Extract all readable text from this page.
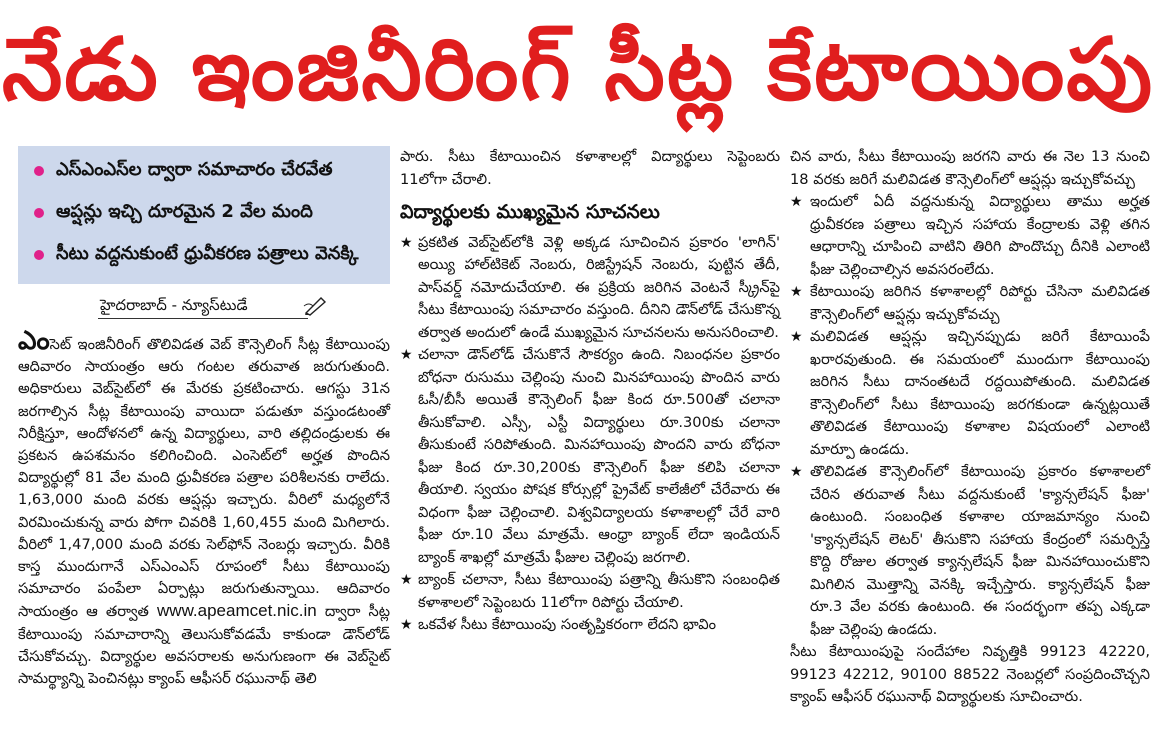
నేడు ఇంజినీరింగ్ సీట్ల కేటాయింపు
ఎస్ఎంఎస్‌ల ద్వారా సమాచారం చేరవేత
ఆప్షన్లు ఇచ్చి దూరమైన 2 వేల మంది
సీటు వద్దనుకుంటే ధ్రువీకరణ పత్రాలు వెనక్కి
హైదరాబాద్ - న్యూస్‌టుడే
ఎంసెట్ ఇంజినీరింగ్ తొలివిడత వెబ్ కౌన్సెలింగ్ సీట్ల కేటాయింపు ఆదివారం సాయంత్రం ఆరు గంటల తరువాత జరుగుతుంది. అధికారులు వెబ్‌సైట్‌లో ఈ మేరకు ప్రకటించారు. ఆగస్టు 31న జరగాల్సిన సీట్ల కేటాయింపు వాయిదా పడుతూ వస్తుండటంతో నిరీక్షిస్తూ, ఆందోళనలో ఉన్న విద్యార్థులు, వారి తల్లిదండ్రులకు ఈ ప్రకటన ఉపశమనం కలిగించింది. ఎంసెట్‌లో అర్హత పొందిన విద్యార్థుల్లో 81 వేల మంది ధ్రువీకరణ పత్రాల పరిశీలనకు రాలేదు. 1,63,000 మంది వరకు ఆప్షన్లు ఇచ్చారు. వీరిలో మధ్యలోనే విరమించుకున్న వారు పోగా చివరికి 1,60,455 మంది మిగిలారు. వీరిలో 1,47,000 మంది వరకు సెల్‌ఫోన్ నెంబర్లు ఇచ్చారు. వీరికి కాస్త ముందుగానే ఎస్ఎంఎస్ రూపంలో సీటు కేటాయింపు సమాచారం పంపేలా ఏర్పాట్లు జరుగుతున్నాయి. ఆదివారం సాయంత్రం ఆ తర్వాత www.apeamcet.nic.in ద్వారా సీట్ల కేటాయింపు సమాచారాన్ని తెలుసుకోవడమే కాకుండా డౌన్‌లోడ్ చేసుకోవచ్చు. విద్యార్థుల అవసరాలకు అనుగుణంగా ఈ వెబ్‌సైట్ సామర్థ్యాన్ని పెంచినట్లు క్యాంప్ ఆఫీసర్ రఘునాథ్ తెలి
పారు. సీటు కేటాయించిన కళాశాలల్లో విద్యార్థులు సెప్టెంబరు 11లోగా చేరాలి.
విద్యార్థులకు ముఖ్యమైన సూచనలు
★ ప్రకటిత వెబ్‌సైట్‌లోకి వెళ్లి అక్కడ సూచించిన ప్రకారం 'లాగిన్' అయ్యి హాల్‌టికెట్ నెంబరు, రిజిస్ట్రేషన్ నెంబరు, పుట్టిన తేదీ, పాస్‌వర్డ్ నమోదుచేయాలి. ఈ ప్రక్రియ జరిగిన వెంటనే స్క్రీన్‌పై సీటు కేటాయింపు సమాచారం వస్తుంది. దీనిని డౌన్‌లోడ్ చేసుకొన్న తర్వాత అందులో ఉండే ముఖ్యమైన సూచనలను అనుసరించాలి.
★ చలానా డౌన్‌లోడ్ చేసుకొనే సౌకర్యం ఉంది. నిబంధనల ప్రకారం బోధనా రుసుము చెల్లింపు నుంచి మినహాయింపు పొందిన వారు ఓసీ/బీసీ అయితే కౌన్సెలింగ్ ఫీజు కింద రూ.500తో చలానా తీసుకోవాలి. ఎస్సీ, ఎస్టీ విద్యార్థులు రూ.300కు చలానా తీసుకుంటే సరిపోతుంది. మినహాయింపు పొందని వారు బోధనా ఫీజు కింద రూ.30,200కు కౌన్సెలింగ్ ఫీజు కలిపి చలానా తీయాలి. స్వయం పోషక కోర్సుల్లో ప్రైవేట్ కాలేజీలో చేరేవారు ఈ విధంగా ఫీజు చెల్లించాలి. విశ్వవిద్యాలయ కళాశాలల్లో చేరే వారి ఫీజు రూ.10 వేలు మాత్రమే. ఆంధ్రా బ్యాంక్ లేదా ఇండియన్ బ్యాంక్ శాఖల్లో మాత్రమే ఫీజుల చెల్లింపు జరగాలి.
★ బ్యాంక్ చలానా, సీటు కేటాయింపు పత్రాన్ని తీసుకొని సంబంధిత కళాశాలలో సెప్టెంబరు 11లోగా రిపోర్టు చేయాలి.
★ ఒకవేళ సీటు కేటాయింపు సంతృప్తికరంగా లేదని భావిం
చిన వారు, సీటు కేటాయింపు జరగని వారు ఈ నెల 13 నుంచి 18 వరకు జరిగే మలివిడత కౌన్సెలింగ్‌లో ఆప్షన్లు ఇచ్చుకోవచ్చు
★ ఇందులో ఏదీ వద్దనుకున్న విద్యార్థులు తాము అర్హత ధ్రువీకరణ పత్రాలు ఇచ్చిన సహాయ కేంద్రాలకు వెళ్లి తగిన ఆధారాన్ని చూపించి వాటిని తిరిగి పొందొచ్చు దీనికి ఎలాంటి ఫీజు చెల్లించాల్సిన అవసరంలేదు.
★ కేటాయింపు జరిగిన కళాశాలల్లో రిపోర్టు చేసినా మలివిడత కౌన్సెలింగ్‌లో ఆప్షన్లు ఇచ్చుకోవచ్చు
★ మలివిడత ఆప్షన్లు ఇచ్చినప్పుడు జరిగే కేటాయింపే ఖరారవుతుంది. ఈ సమయంలో ముందుగా కేటాయింపు జరిగిన సీటు దానంతటదే రద్దయిపోతుంది. మలివిడత కౌన్సెలింగ్‌లో సీటు కేటాయింపు జరగకుండా ఉన్నట్లయితే తొలివిడత కేటాయింపు కళాశాల విషయంలో ఎలాంటి మార్పూ ఉండదు.
★ తొలివిడత కౌన్సెలింగ్‌లో కేటాయింపు ప్రకారం కళాశాలలో చేరిన తరువాత సీటు వద్దనుకుంటే 'క్యాన్సలేషన్ ఫీజు' ఉంటుంది. సంబంధిత కళాశాల యాజమాన్యం నుంచి 'క్యాన్సలేషన్ లెటర్' తీసుకొని సహాయ కేంద్రంలో సమర్పిస్తే కొద్ది రోజుల తర్వాత క్యాన్సలేషన్ ఫీజు మినహాయించుకొని మిగిలిన మొత్తాన్ని వెనక్కి ఇచ్చేస్తారు. క్యాన్సలేషన్ ఫీజు రూ.3 వేల వరకు ఉంటుంది. ఈ సందర్భంగా తప్ప ఎక్కడా ఫీజు చెల్లింపు ఉండదు.
సీటు కేటాయింపుపై సందేహాల నివృత్తికి 99123 42220, 99123 42212, 90100 88522 నెంబర్లలో సంప్రదించొచ్చని క్యాంప్ ఆఫీసర్ రఘునాథ్ విద్యార్థులకు సూచించారు.
